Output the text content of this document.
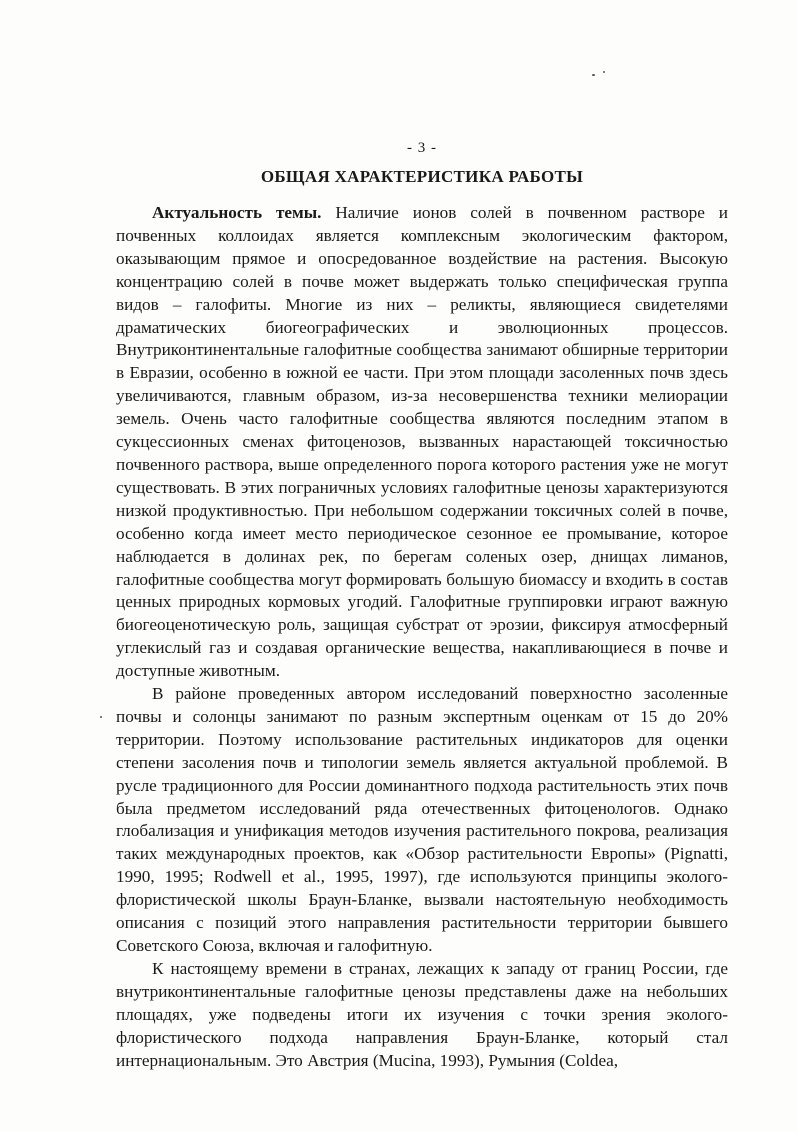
- 3 -
ОБЩАЯ ХАРАКТЕРИСТИКА РАБОТЫ

Актуальность темы. Наличие ионов солей в почвенном растворе и почвенных коллоидах является комплексным экологическим фактором, оказывающим прямое и опосредованное воздействие на растения. Высокую концентрацию солей в почве может выдержать только специфическая группа видов – галофиты. Многие из них – реликты, являющиеся свидетелями драматических биогеографических и эволюционных процессов. Внутриконтинентальные галофитные сообщества занимают обширные территории в Евразии, особенно в южной ее части. При этом площади засоленных почв здесь увеличиваются, главным образом, из-за несовершенства техники мелиорации земель. Очень часто галофитные сообщества являются последним этапом в сукцессионных сменах фитоценозов, вызванных нарастающей токсичностью почвенного раствора, выше определенного порога которого растения уже не могут существовать. В этих пограничных условиях галофитные ценозы характеризуются низкой продуктивностью. При небольшом содержании токсичных солей в почве, особенно когда имеет место периодическое сезонное ее промывание, которое наблюдается в долинах рек, по берегам соленых озер, днищах лиманов, галофитные сообщества могут формировать большую биомассу и входить в состав ценных природных кормовых угодий. Галофитные группировки играют важную биогеоценотическую роль, защищая субстрат от эрозии, фиксируя атмосферный углекислый газ и создавая органические вещества, накапливающиеся в почве и доступные животным.

В районе проведенных автором исследований поверхностно засоленные почвы и солонцы занимают по разным экспертным оценкам от 15 до 20% территории. Поэтому использование растительных индикаторов для оценки степени засоления почв и типологии земель является актуальной проблемой. В русле традиционного для России доминантного подхода растительность этих почв была предметом исследований ряда отечественных фитоценологов. Однако глобализация и унификация методов изучения растительного покрова, реализация таких международных проектов, как «Обзор растительности Европы» (Pignatti, 1990, 1995; Rodwell et al., 1995, 1997), где используются принципы эколого-флористической школы Браун-Бланке, вызвали настоятельную необходимость описания с позиций этого направления растительности территории бывшего Советского Союза, включая и галофитную.

К настоящему времени в странах, лежащих к западу от границ России, где внутриконтинентальные галофитные ценозы представлены даже на небольших площадях, уже подведены итоги их изучения с точки зрения эколого-флористического подхода направления Браун-Бланке, который стал интернациональным. Это Австрия (Mucina, 1993), Румыния (Coldea,
